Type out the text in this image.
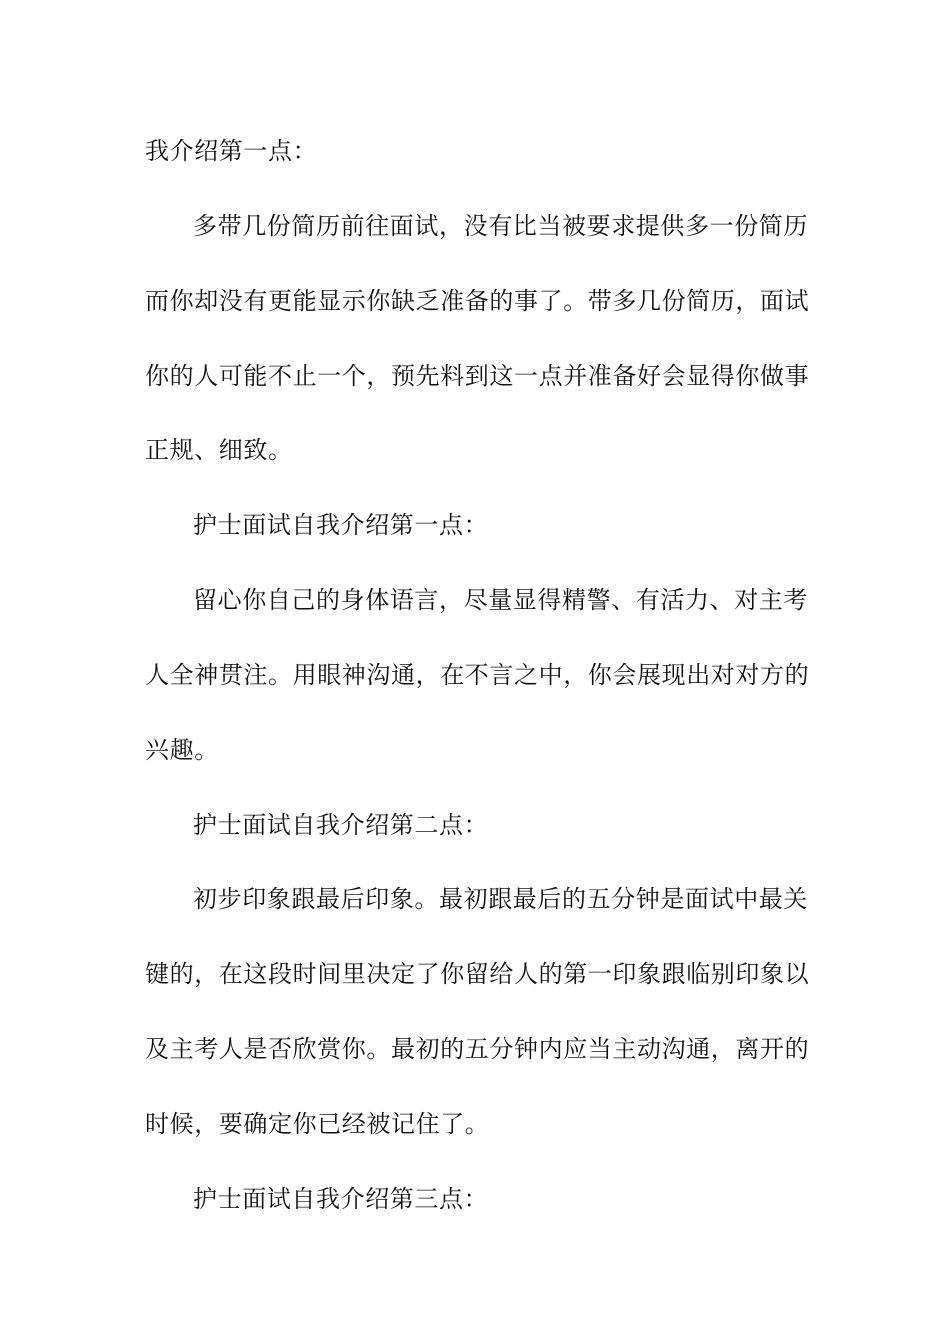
我介绍第一点：
多带几份简历前往面试，没有比当被要求提供多一份简历
而你却没有更能显示你缺乏准备的事了。带多几份简历，面试
你的人可能不止一个，预先料到这一点并准备好会显得你做事
正规、细致。
护士面试自我介绍第一点：
留心你自己的身体语言，尽量显得精警、有活力、对主考
人全神贯注。用眼神沟通，在不言之中，你会展现出对对方的
兴趣。
护士面试自我介绍第二点：
初步印象跟最后印象。最初跟最后的五分钟是面试中最关
键的，在这段时间里决定了你留给人的第一印象跟临别印象以
及主考人是否欣赏你。最初的五分钟内应当主动沟通，离开的
时候，要确定你已经被记住了。
护士面试自我介绍第三点：
